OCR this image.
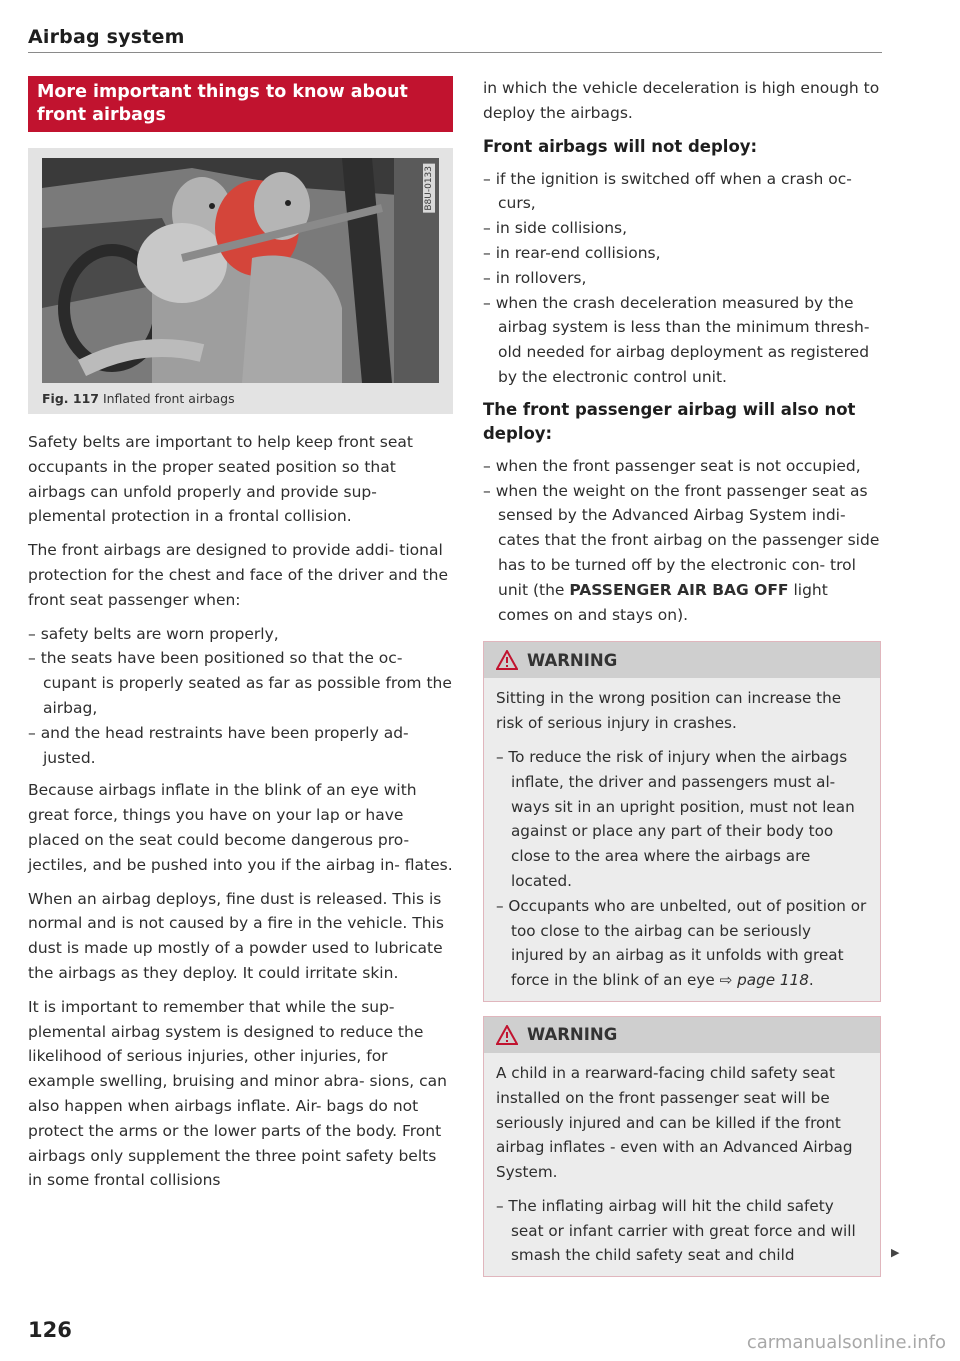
Airbag system
More important things to know about front airbags
B8U-0133
Fig. 117 Inflated front airbags

Safety belts are important to help keep front seat occupants in the proper seated position so that airbags can unfold properly and provide sup- plemental protection in a frontal collision.

The front airbags are designed to provide addi- tional protection for the chest and face of the driver and the front seat passenger when:

– safety belts are worn properly,
– the seats have been positioned so that the oc- cupant is properly seated as far as possible from the airbag,
– and the head restraints have been properly ad- justed.

Because airbags inflate in the blink of an eye with great force, things you have on your lap or have placed on the seat could become dangerous pro- jectiles, and be pushed into you if the airbag in- flates.

When an airbag deploys, fine dust is released. This is normal and is not caused by a fire in the vehicle. This dust is made up mostly of a powder used to lubricate the airbags as they deploy. It could irritate skin.

It is important to remember that while the sup- plemental airbag system is designed to reduce the likelihood of serious injuries, other injuries, for example swelling, bruising and minor abra- sions, can also happen when airbags inflate. Air- bags do not protect the arms or the lower parts of the body. Front airbags only supplement the three point safety belts in some frontal collisions

in which the vehicle deceleration is high enough to deploy the airbags.

Front airbags will not deploy:
– if the ignition is switched off when a crash oc- curs,
– in side collisions,
– in rear-end collisions,
– in rollovers,
– when the crash deceleration measured by the airbag system is less than the minimum thresh- old needed for airbag deployment as registered by the electronic control unit.
The front passenger airbag will also not deploy:
– when the front passenger seat is not occupied,
– when the weight on the front passenger seat as sensed by the Advanced Airbag System indi- cates that the front airbag on the passenger side has to be turned off by the electronic con- trol unit (the PASSENGER AIR BAG OFF light comes on and stays on).
WARNING

Sitting in the wrong position can increase the risk of serious injury in crashes.

– To reduce the risk of injury when the airbags inflate, the driver and passengers must al- ways sit in an upright position, must not lean against or place any part of their body too close to the area where the airbags are located.
– Occupants who are unbelted, out of position or too close to the airbag can be seriously injured by an airbag as it unfolds with great force in the blink of an eye ⇨ page 118.
WARNING

A child in a rearward-facing child safety seat installed on the front passenger seat will be seriously injured and can be killed if the front airbag inflates - even with an Advanced Airbag System.

– The inflating airbag will hit the child safety seat or infant carrier with great force and will smash the child safety seat and child	▶
126
carmanualsonline.info
